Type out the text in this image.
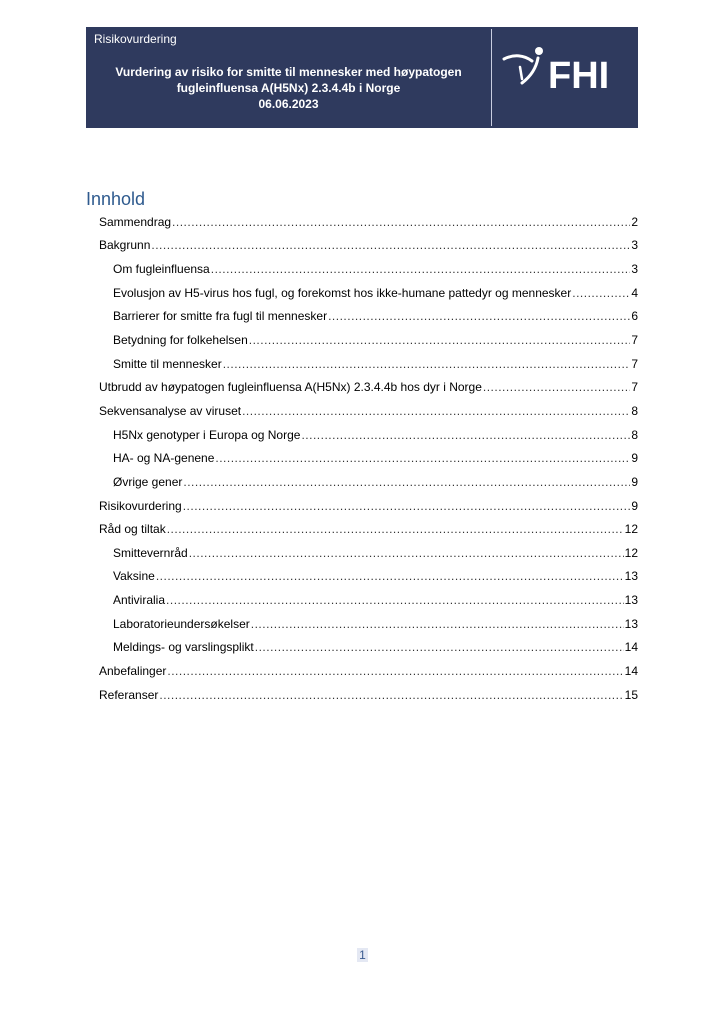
Risikovurdering
Vurdering av risiko for smitte til mennesker med høypatogen
fugleinfluensa A(H5Nx) 2.3.4.4b i Norge
06.06.2023
FHI
Innhold
Sammendrag .....	2
Bakgrunn .....	3
Om fugleinfluensa .....	3
Evolusjon av H5-virus hos fugl, og forekomst hos ikke-humane pattedyr og mennesker .....	4
Barrierer for smitte fra fugl til mennesker .....	6
Betydning for folkehelsen .....	7
Smitte til mennesker .....	7
Utbrudd av høypatogen fugleinfluensa A(H5Nx) 2.3.4.4b hos dyr i Norge .....	7
Sekvensanalyse av viruset .....	8
H5Nx genotyper i Europa og Norge .....	8
HA- og NA-genene .....	9
Øvrige gener .....	9
Risikovurdering .....	9
Råd og tiltak .....	12
Smittevernråd .....	12
Vaksine .....	13
Antiviralia .....	13
Laboratorieundersøkelser .....	13
Meldings- og varslingsplikt .....	14
Anbefalinger .....	14
Referanser .....	15
1
